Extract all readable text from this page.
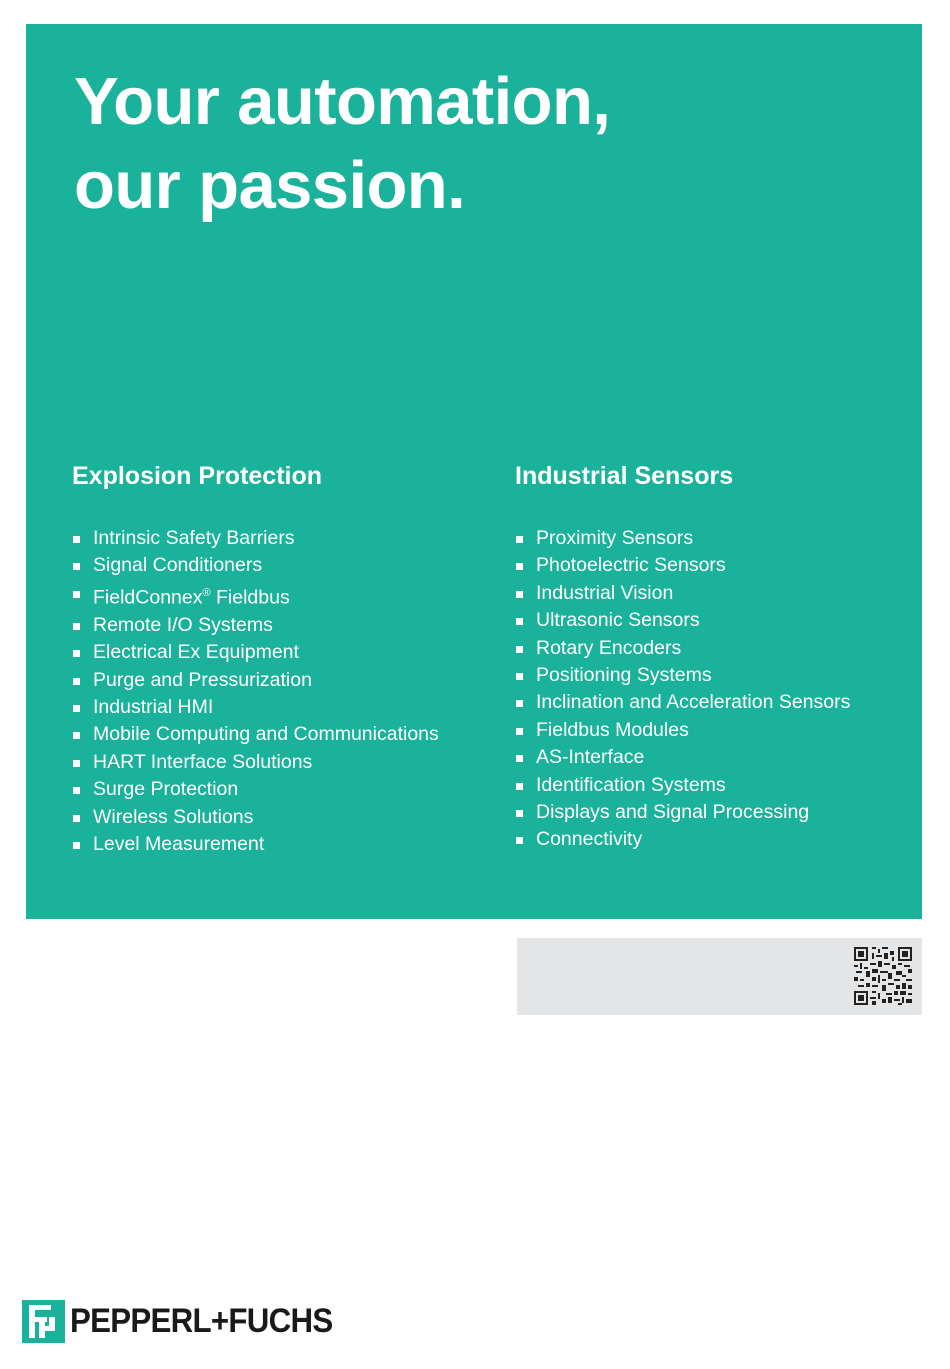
Your automation,
our passion.
Explosion Protection
Intrinsic Safety Barriers
Signal Conditioners
FieldConnex® Fieldbus
Remote I/O Systems
Electrical Ex Equipment
Purge and Pressurization
Industrial HMI
Mobile Computing and Communications
HART Interface Solutions
Surge Protection
Wireless Solutions
Level Measurement
Industrial Sensors
Proximity Sensors
Photoelectric Sensors
Industrial Vision
Ultrasonic Sensors
Rotary Encoders
Positioning Systems
Inclination and Acceleration Sensors
Fieldbus Modules
AS-Interface
Identification Systems
Displays and Signal Processing
Connectivity
PEPPERL+FUCHS
